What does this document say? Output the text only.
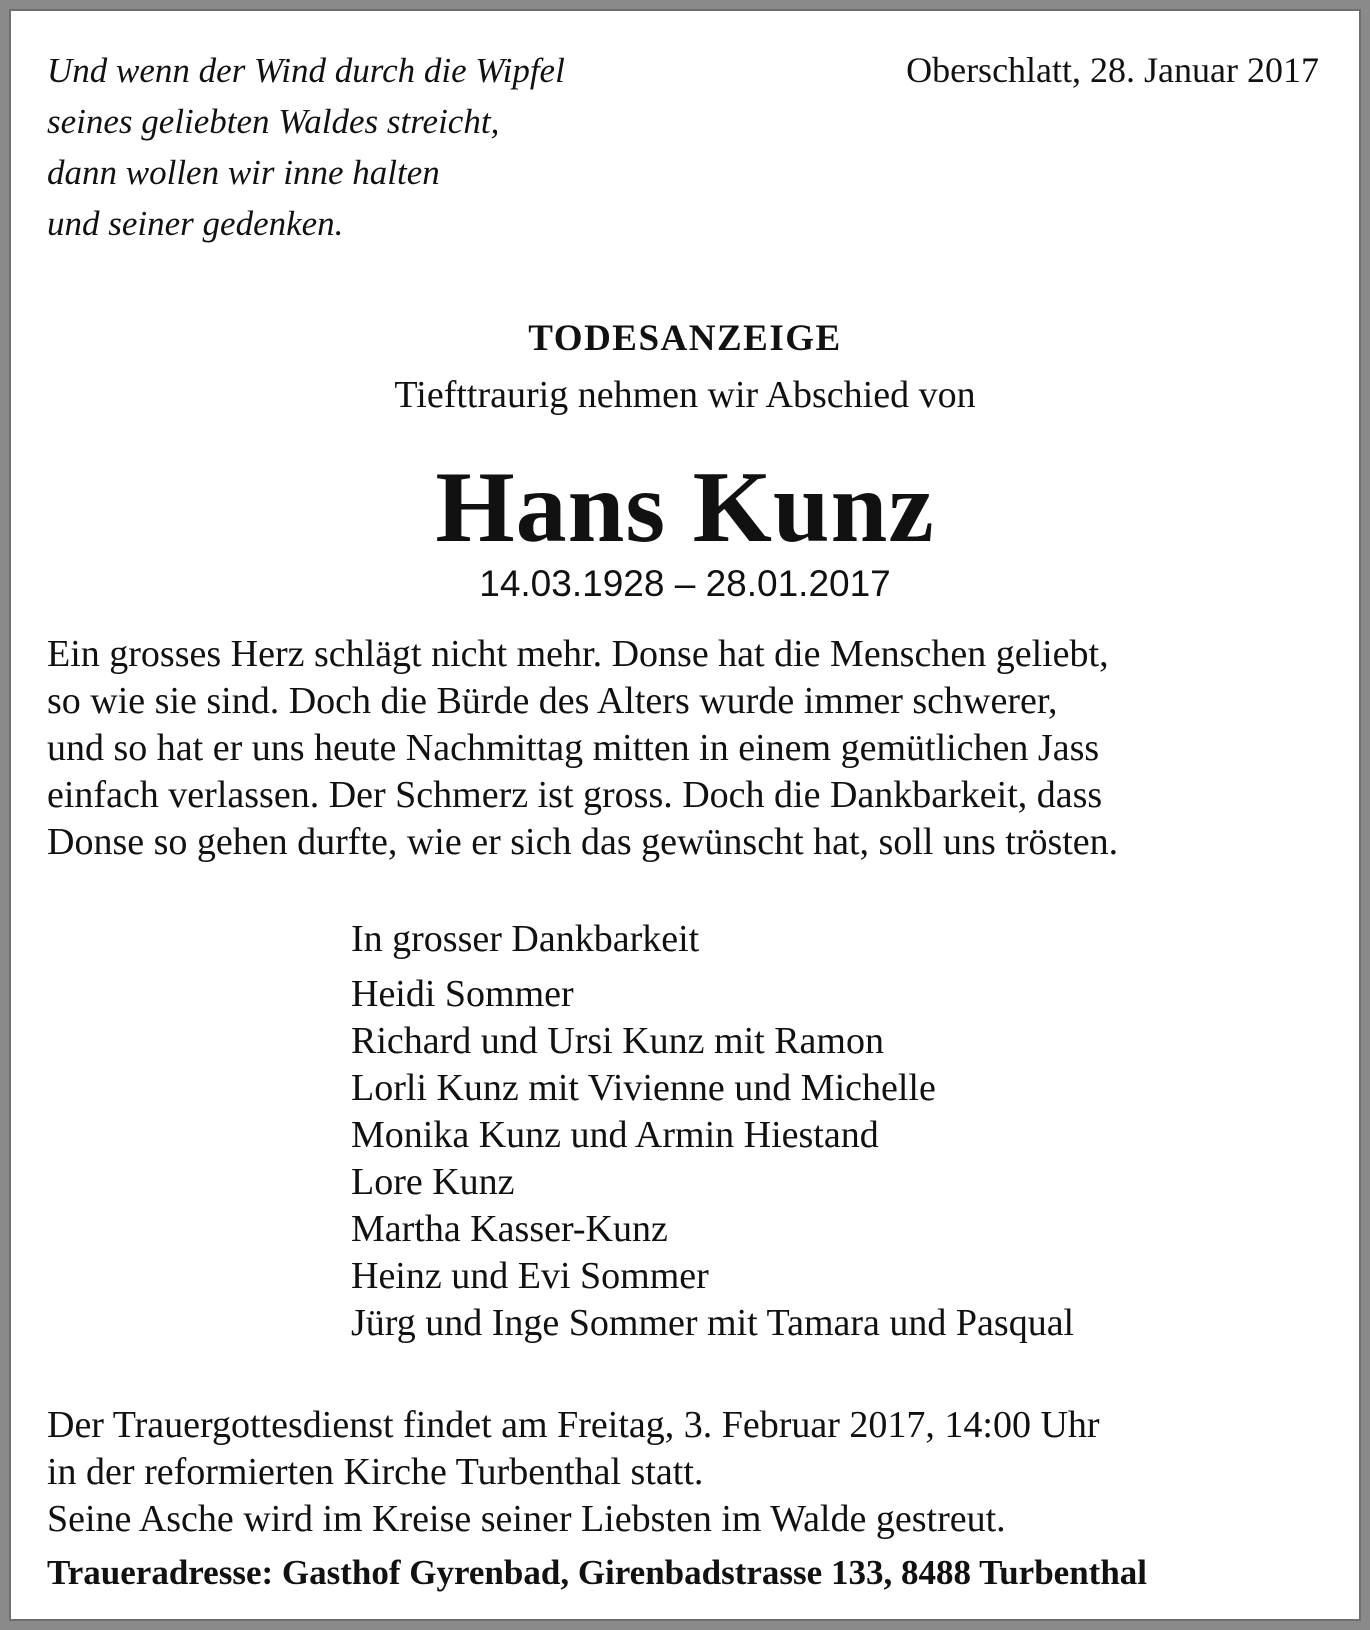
Und wenn der Wind durch die Wipfel
seines geliebten Waldes streicht,
dann wollen wir inne halten
und seiner gedenken.
Oberschlatt, 28. Januar 2017
TODESANZEIGE
Tiefttraurig nehmen wir Abschied von
Hans Kunz
14.03.1928 – 28.01.2017
Ein grosses Herz schlägt nicht mehr. Donse hat die Menschen geliebt,
so wie sie sind. Doch die Bürde des Alters wurde immer schwerer,
und so hat er uns heute Nachmittag mitten in einem gemütlichen Jass
einfach verlassen. Der Schmerz ist gross. Doch die Dankbarkeit, dass
Donse so gehen durfte, wie er sich das gewünscht hat, soll uns trösten.
In grosser Dankbarkeit
Heidi Sommer
Richard und Ursi Kunz mit Ramon
Lorli Kunz mit Vivienne und Michelle
Monika Kunz und Armin Hiestand
Lore Kunz
Martha Kasser-Kunz
Heinz und Evi Sommer
Jürg und Inge Sommer mit Tamara und Pasqual
Der Trauergottesdienst findet am Freitag, 3. Februar 2017, 14:00 Uhr
in der reformierten Kirche Turbenthal statt.
Seine Asche wird im Kreise seiner Liebsten im Walde gestreut.
Traueradresse: Gasthof Gyrenbad, Girenbadstrasse 133, 8488 Turbenthal
